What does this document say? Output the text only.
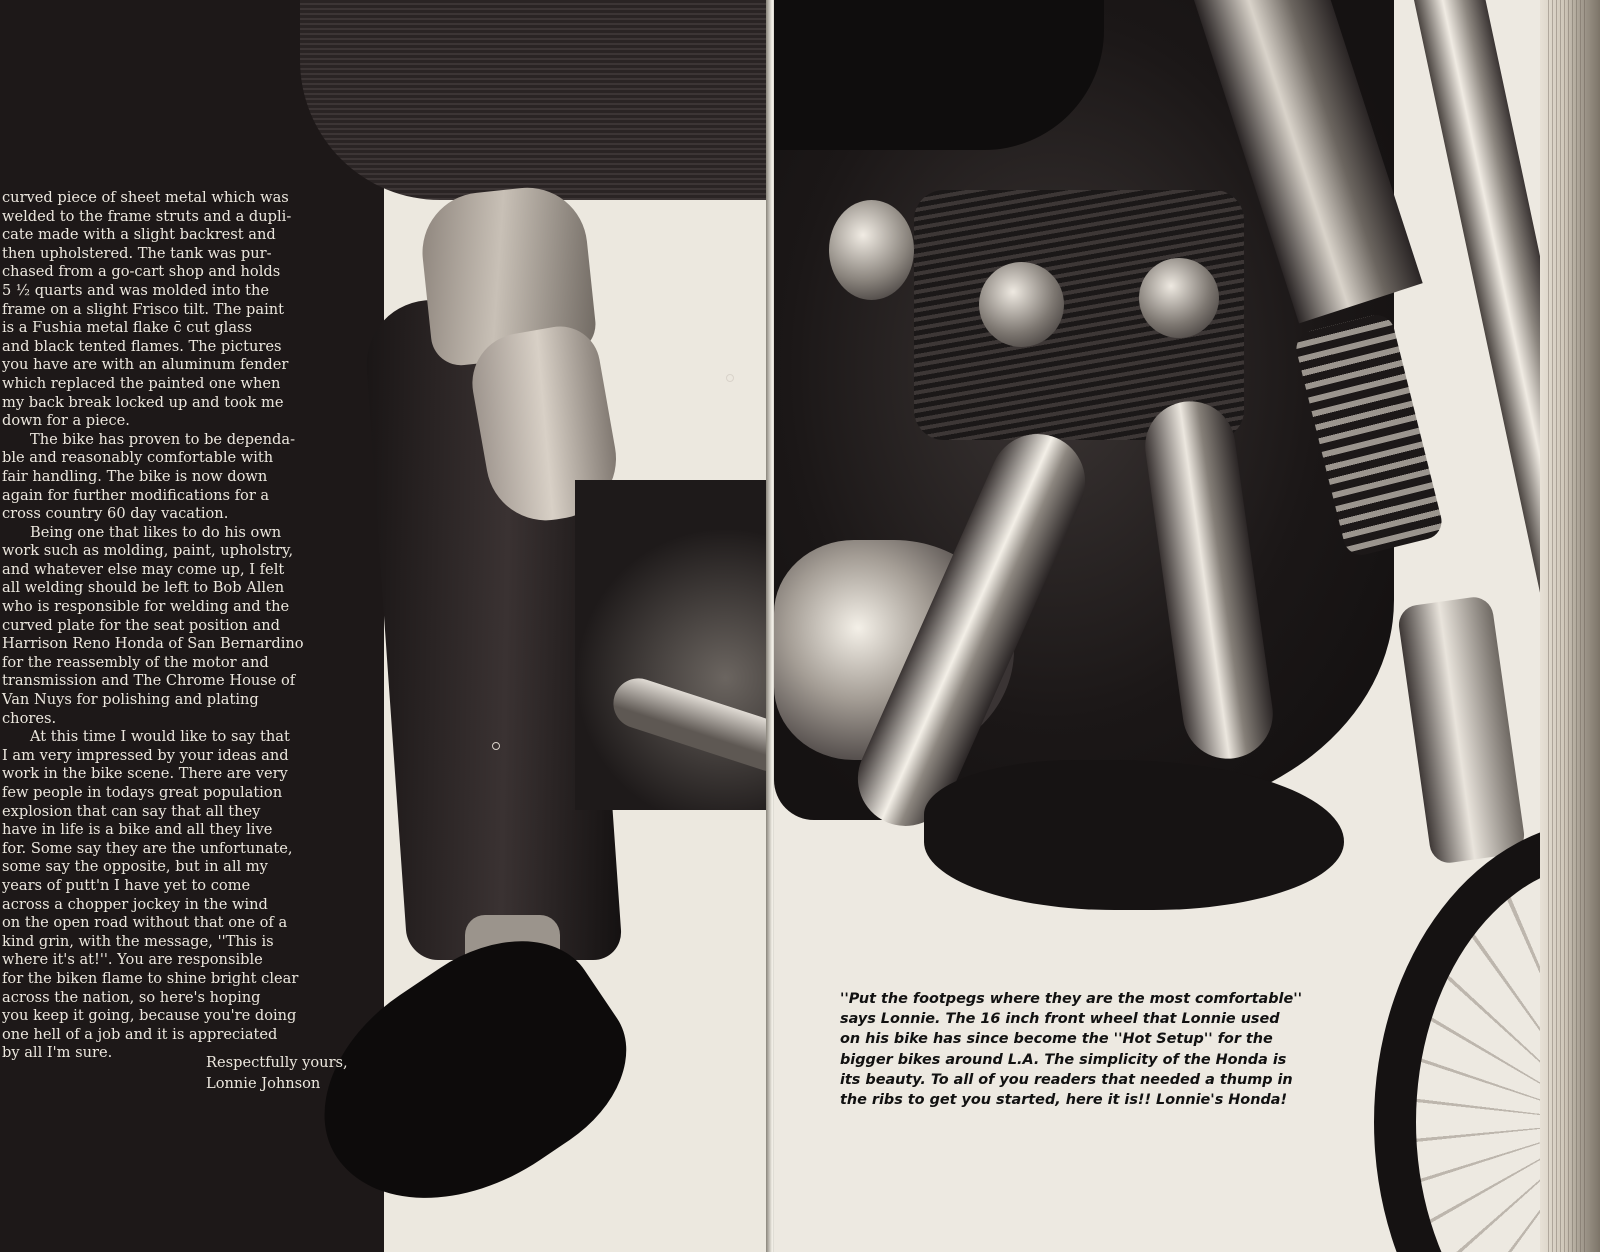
curved piece of sheet metal which was
welded to the frame struts and a dupli-
cate made with a slight backrest and
then upholstered. The tank was pur-
chased from a go-cart shop and holds
5 ½ quarts and was molded into the
frame on a slight Frisco tilt. The paint
is a Fushia metal flake c̄ cut glass
and black tented flames. The pictures
you have are with an aluminum fender
which replaced the painted one when
my back break locked up and took me
down for a piece.

The bike has proven to be dependa-
ble and reasonably comfortable with
fair handling. The bike is now down
again for further modifications for a
cross country 60 day vacation.

Being one that likes to do his own
work such as molding, paint, upholstry,
and whatever else may come up, I felt
all welding should be left to Bob Allen
who is responsible for welding and the
curved plate for the seat position and
Harrison Reno Honda of San Bernardino
for the reassembly of the motor and
transmission and The Chrome House of
Van Nuys for polishing and plating
chores.

At this time I would like to say that
I am very impressed by your ideas and
work in the bike scene. There are very
few people in todays great population
explosion that can say that all they
have in life is a bike and all they live
for. Some say they are the unfortunate,
some say the opposite, but in all my
years of putt'n I have yet to come
across a chopper jockey in the wind
on the open road without that one of a
kind grin, with the message, ''This is
where it's at!''. You are responsible
for the biken flame to shine bright clear
across the nation, so here's hoping
you keep it going, because you're doing
one hell of a job and it is appreciated
by all I'm sure.

Respectfully yours,
Lonnie Johnson
''Put the footpegs where they are the most comfortable''
says Lonnie. The 16 inch front wheel that Lonnie used
on his bike has since become the ''Hot Setup'' for the
bigger bikes around L.A. The simplicity of the Honda is
its beauty. To all of you readers that needed a thump in
the ribs to get you started, here it is!! Lonnie's Honda!
